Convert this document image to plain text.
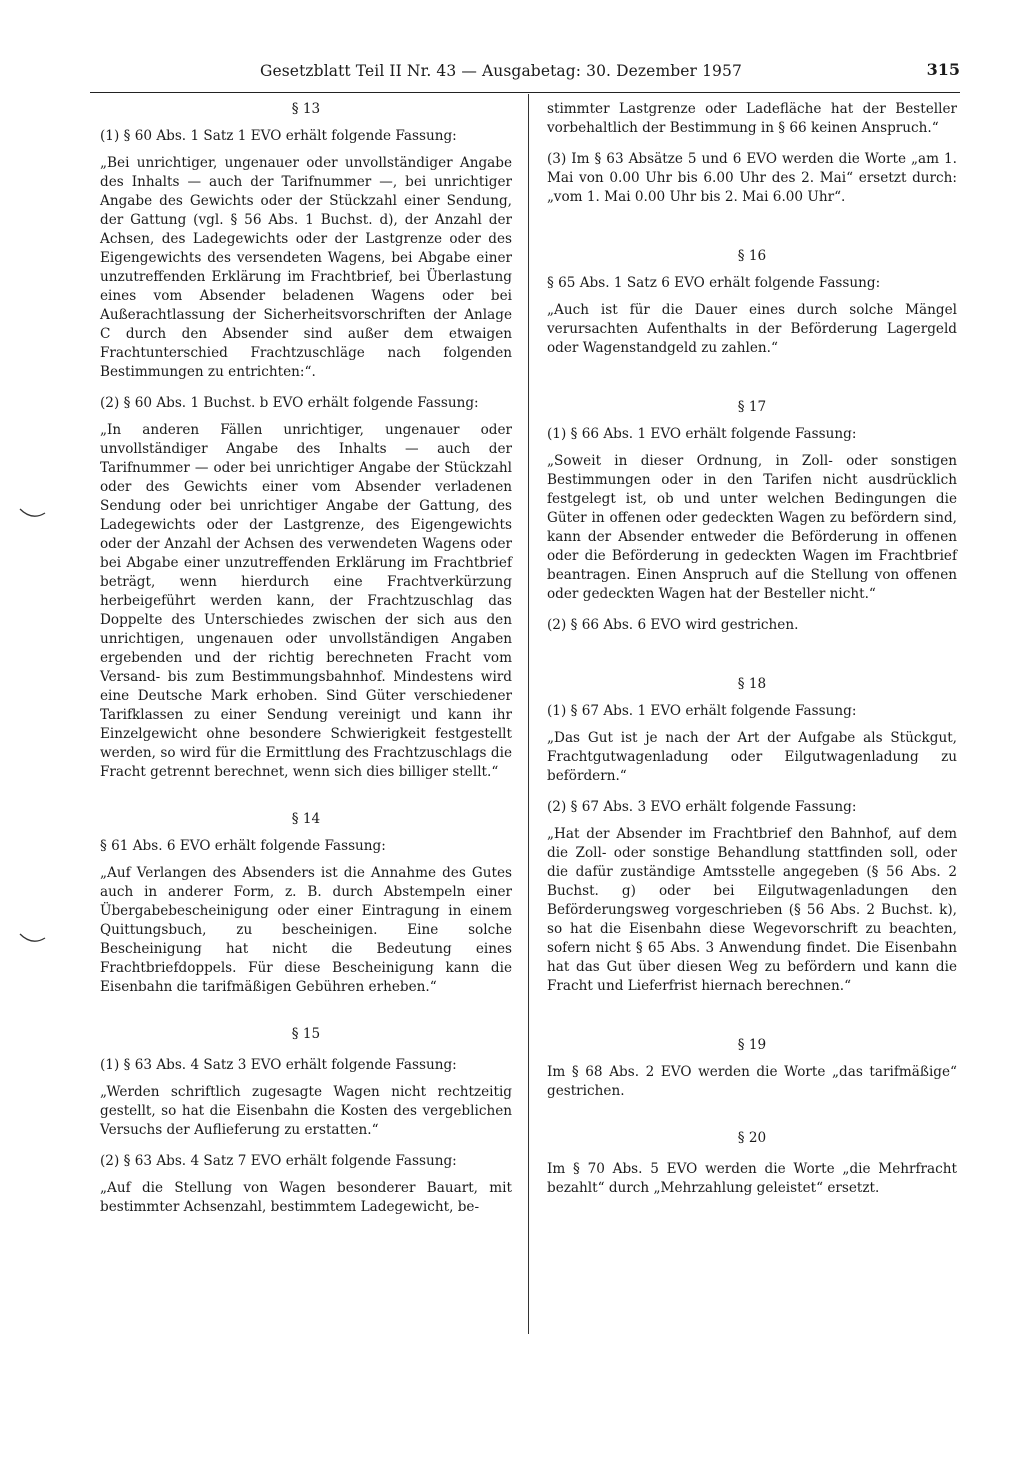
Gesetzblatt Teil II Nr. 43 — Ausgabetag: 30. Dezember 1957	315

§ 13

(1) § 60 Abs. 1 Satz 1 EVO erhält folgende Fassung:

„Bei unrichtiger, ungenauer oder unvollständiger Angabe des Inhalts — auch der Tarifnummer —, bei unrichtiger Angabe des Gewichts oder der Stückzahl einer Sendung, der Gattung (vgl. § 56 Abs. 1 Buchst. d), der Anzahl der Achsen, des Ladegewichts oder der Lastgrenze oder des Eigengewichts des versendeten Wagens, bei Abgabe einer unzutreffenden Erklärung im Frachtbrief, bei Überlastung eines vom Absender beladenen Wagens oder bei Außerachtlassung der Sicherheitsvorschriften der Anlage C durch den Absender sind außer dem etwaigen Frachtunterschied Frachtzuschläge nach folgenden Bestimmungen zu entrichten:“.

(2) § 60 Abs. 1 Buchst. b EVO erhält folgende Fassung:

„In anderen Fällen unrichtiger, ungenauer oder unvollständiger Angabe des Inhalts — auch der Tarifnummer — oder bei unrichtiger Angabe der Stückzahl oder des Gewichts einer vom Absender verladenen Sendung oder bei unrichtiger Angabe der Gattung, des Ladegewichts oder der Lastgrenze, des Eigengewichts oder der Anzahl der Achsen des verwendeten Wagens oder bei Abgabe einer unzutreffenden Erklärung im Frachtbrief beträgt, wenn hierdurch eine Frachtverkürzung herbeigeführt werden kann, der Frachtzuschlag das Doppelte des Unterschiedes zwischen der sich aus den unrichtigen, ungenauen oder unvollständigen Angaben ergebenden und der richtig berechneten Fracht vom Versand- bis zum Bestimmungsbahnhof. Mindestens wird eine Deutsche Mark erhoben. Sind Güter verschiedener Tarifklassen zu einer Sendung vereinigt und kann ihr Einzelgewicht ohne besondere Schwierigkeit festgestellt werden, so wird für die Ermittlung des Frachtzuschlags die Fracht getrennt berechnet, wenn sich dies billiger stellt.“

§ 14

§ 61 Abs. 6 EVO erhält folgende Fassung:

„Auf Verlangen des Absenders ist die Annahme des Gutes auch in anderer Form, z. B. durch Abstempeln einer Übergabebescheinigung oder einer Eintragung in einem Quittungsbuch, zu bescheinigen. Eine solche Bescheinigung hat nicht die Bedeutung eines Frachtbriefdoppels. Für diese Bescheinigung kann die Eisenbahn die tarifmäßigen Gebühren erheben.“

§ 15

(1) § 63 Abs. 4 Satz 3 EVO erhält folgende Fassung:

„Werden schriftlich zugesagte Wagen nicht rechtzeitig gestellt, so hat die Eisenbahn die Kosten des vergeblichen Versuchs der Auflieferung zu erstatten.“

(2) § 63 Abs. 4 Satz 7 EVO erhält folgende Fassung:

„Auf die Stellung von Wagen besonderer Bauart, mit bestimmter Achsenzahl, bestimmtem Ladegewicht, be-

stimmter Lastgrenze oder Ladefläche hat der Besteller vorbehaltlich der Bestimmung in § 66 keinen Anspruch.“

(3) Im § 63 Absätze 5 und 6 EVO werden die Worte „am 1. Mai von 0.00 Uhr bis 6.00 Uhr des 2. Mai“ ersetzt durch: „vom 1. Mai 0.00 Uhr bis 2. Mai 6.00 Uhr“.

§ 16

§ 65 Abs. 1 Satz 6 EVO erhält folgende Fassung:

„Auch ist für die Dauer eines durch solche Mängel verursachten Aufenthalts in der Beförderung Lagergeld oder Wagenstandgeld zu zahlen.“

§ 17

(1) § 66 Abs. 1 EVO erhält folgende Fassung:

„Soweit in dieser Ordnung, in Zoll- oder sonstigen Bestimmungen oder in den Tarifen nicht ausdrücklich festgelegt ist, ob und unter welchen Bedingungen die Güter in offenen oder gedeckten Wagen zu befördern sind, kann der Absender entweder die Beförderung in offenen oder die Beförderung in gedeckten Wagen im Frachtbrief beantragen. Einen Anspruch auf die Stellung von offenen oder gedeckten Wagen hat der Besteller nicht.“

(2) § 66 Abs. 6 EVO wird gestrichen.

§ 18

(1) § 67 Abs. 1 EVO erhält folgende Fassung:

„Das Gut ist je nach der Art der Aufgabe als Stückgut, Frachtgutwagenladung oder Eilgutwagenladung zu befördern.“

(2) § 67 Abs. 3 EVO erhält folgende Fassung:

„Hat der Absender im Frachtbrief den Bahnhof, auf dem die Zoll- oder sonstige Behandlung stattfinden soll, oder die dafür zuständige Amtsstelle angegeben (§ 56 Abs. 2 Buchst. g) oder bei Eilgutwagenladungen den Beförderungsweg vorgeschrieben (§ 56 Abs. 2 Buchst. k), so hat die Eisenbahn diese Wegevorschrift zu beachten, sofern nicht § 65 Abs. 3 Anwendung findet. Die Eisenbahn hat das Gut über diesen Weg zu befördern und kann die Fracht und Lieferfrist hiernach berechnen.“

§ 19

Im § 68 Abs. 2 EVO werden die Worte „das tarifmäßige“ gestrichen.

§ 20

Im § 70 Abs. 5 EVO werden die Worte „die Mehrfracht bezahlt“ durch „Mehrzahlung geleistet“ ersetzt.
